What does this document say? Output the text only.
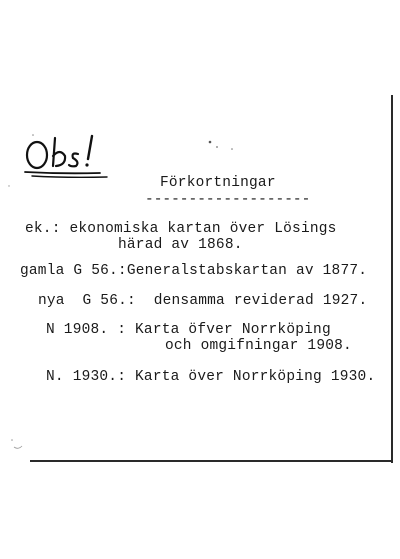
Förkortningar
-------------------
ek.: ekonomiska kartan över Lösings
härad av 1868.
gamla G 56.:Generalstabskartan av 1877.
nya  G 56.:  densamma reviderad 1927.
N 1908. : Karta öfver Norrköping
och omgifningar 1908.
N. 1930.: Karta över Norrköping 1930.
